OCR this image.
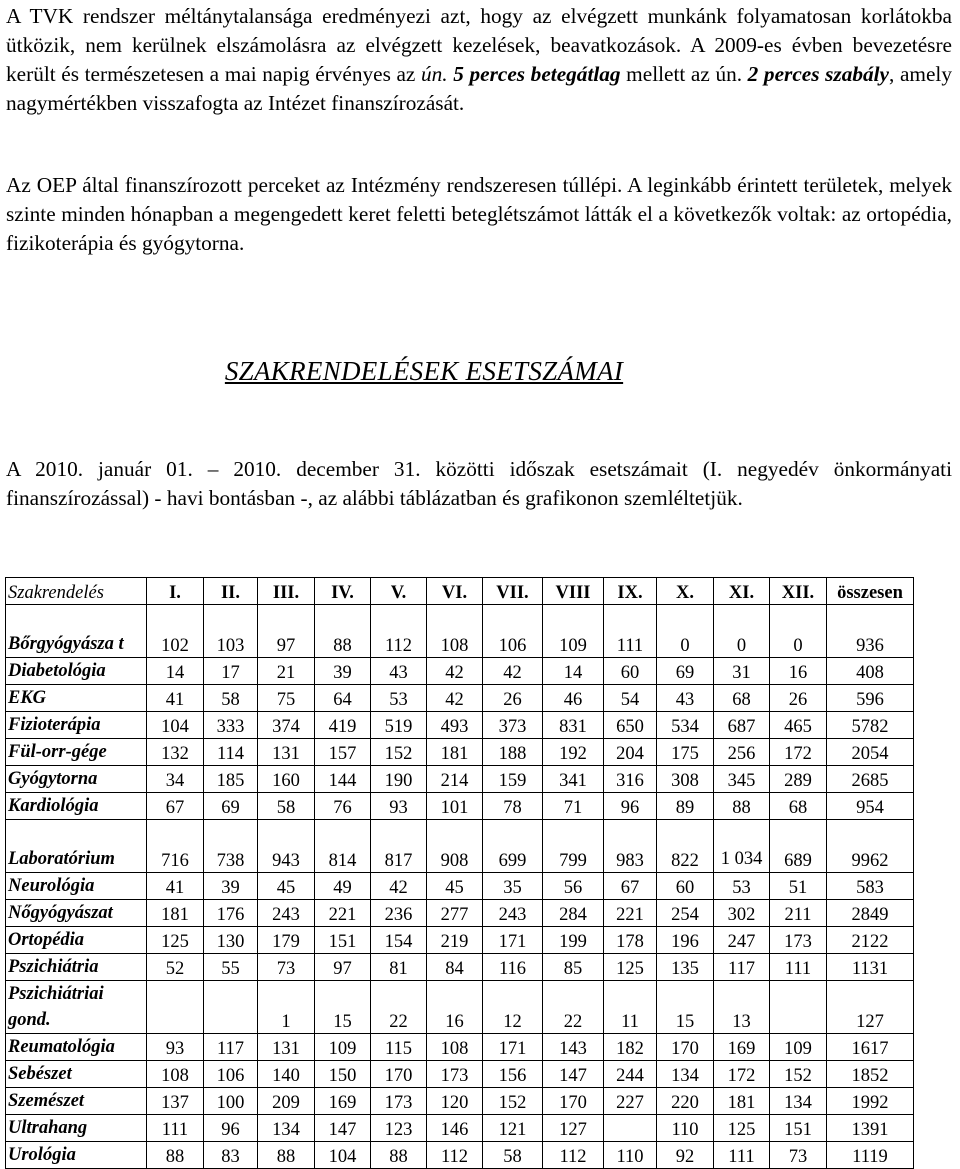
A TVK rendszer méltánytalansága eredményezi azt, hogy az elvégzett munkánk folyamatosan korlátokba ütközik, nem kerülnek elszámolásra az elvégzett kezelések, beavatkozások. A 2009-es évben bevezetésre került és természetesen a mai napig érvényes az ún. 5 perces betegátlag mellett az ún. 2 perces szabály, amely nagymértékben visszafogta az Intézet finanszírozását.
Az OEP által finanszírozott perceket az Intézmény rendszeresen túllépi. A leginkább érintett területek, melyek szinte minden hónapban a megengedett keret feletti beteglétszámot látták el a következők voltak: az ortopédia, fizikoterápia és gyógytorna.
SZAKRENDELÉSEK ESETSZÁMAI
A 2010. január 01. – 2010. december 31. közötti időszak esetszámait (I. negyedév önkormányati finanszírozással) - havi bontásban -, az alábbi táblázatban és grafikonon szemléltetjük.
Szakrendelés	I.	II.	III.	IV.	V.	VI.	VII.	VIII	IX.	X.	XI.	XII.	összesen
Bőrgyógyásza t	102	103	97	88	112	108	106	109	111	0	0	0	936
Diabetológia	14	17	21	39	43	42	42	14	60	69	31	16	408
EKG	41	58	75	64	53	42	26	46	54	43	68	26	596
Fizioterápia	104	333	374	419	519	493	373	831	650	534	687	465	5782
Fül-orr-gége	132	114	131	157	152	181	188	192	204	175	256	172	2054
Gyógytorna	34	185	160	144	190	214	159	341	316	308	345	289	2685
Kardiológia	67	69	58	76	93	101	78	71	96	89	88	68	954
Laboratórium	716	738	943	814	817	908	699	799	983	822	1 034	689	9962
Neurológia	41	39	45	49	42	45	35	56	67	60	53	51	583
Nőgyógyászat	181	176	243	221	236	277	243	284	221	254	302	211	2849
Ortopédia	125	130	179	151	154	219	171	199	178	196	247	173	2122
Pszichiátria	52	55	73	97	81	84	116	85	125	135	117	111	1131
Pszichiátriai gond.			1	15	22	16	12	22	11	15	13		127
Reumatológia	93	117	131	109	115	108	171	143	182	170	169	109	1617
Sebészet	108	106	140	150	170	173	156	147	244	134	172	152	1852
Szemészet	137	100	209	169	173	120	152	170	227	220	181	134	1992
Ultrahang	111	96	134	147	123	146	121	127		110	125	151	1391
Urológia	88	83	88	104	88	112	58	112	110	92	111	73	1119
